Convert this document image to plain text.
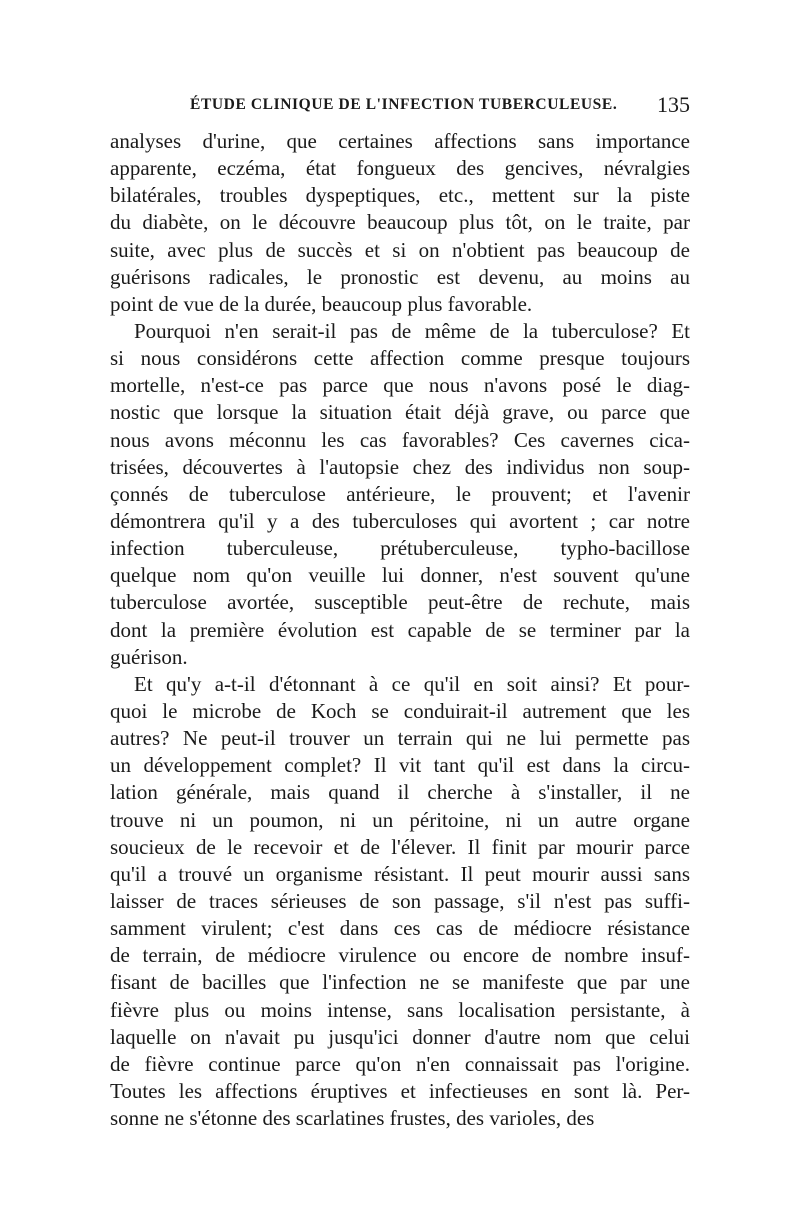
ÉTUDE CLINIQUE DE L'INFECTION TUBERCULEUSE. 135
analyses d'urine, que certaines affections sans importance
apparente, eczéma, état fongueux des gencives, névralgies
bilatérales, troubles dyspeptiques, etc., mettent sur la piste
du diabète, on le découvre beaucoup plus tôt, on le traite, par
suite, avec plus de succès et si on n'obtient pas beaucoup de
guérisons radicales, le pronostic est devenu, au moins au
point de vue de la durée, beaucoup plus favorable.
Pourquoi n'en serait-il pas de même de la tuberculose? Et
si nous considérons cette affection comme presque toujours
mortelle, n'est-ce pas parce que nous n'avons posé le diag-
nostic que lorsque la situation était déjà grave, ou parce que
nous avons méconnu les cas favorables? Ces cavernes cica-
trisées, découvertes à l'autopsie chez des individus non soup-
çonnés de tuberculose antérieure, le prouvent; et l'avenir
démontrera qu'il y a des tuberculoses qui avortent ; car notre
infection tuberculeuse, prétuberculeuse, typho-bacillose
quelque nom qu'on veuille lui donner, n'est souvent qu'une
tuberculose avortée, susceptible peut-être de rechute, mais
dont la première évolution est capable de se terminer par la
guérison.
Et qu'y a-t-il d'étonnant à ce qu'il en soit ainsi? Et pour-
quoi le microbe de Koch se conduirait-il autrement que les
autres? Ne peut-il trouver un terrain qui ne lui permette pas
un développement complet? Il vit tant qu'il est dans la circu-
lation générale, mais quand il cherche à s'installer, il ne
trouve ni un poumon, ni un péritoine, ni un autre organe
soucieux de le recevoir et de l'élever. Il finit par mourir parce
qu'il a trouvé un organisme résistant. Il peut mourir aussi sans
laisser de traces sérieuses de son passage, s'il n'est pas suffi-
samment virulent; c'est dans ces cas de médiocre résistance
de terrain, de médiocre virulence ou encore de nombre insuf-
fisant de bacilles que l'infection ne se manifeste que par une
fièvre plus ou moins intense, sans localisation persistante, à
laquelle on n'avait pu jusqu'ici donner d'autre nom que celui
de fièvre continue parce qu'on n'en connaissait pas l'origine.
Toutes les affections éruptives et infectieuses en sont là. Per-
sonne ne s'étonne des scarlatines frustes, des varioles, des
